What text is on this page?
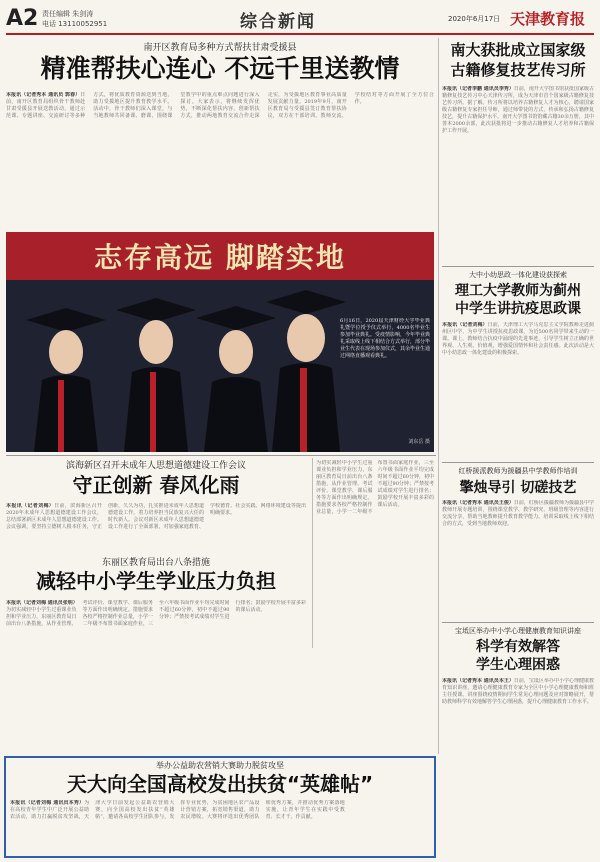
A2 责任编辑 朱剑涛
电话 13110052951	综合新闻	2020年6月17日 天津教育报
南开区教育局多种方式帮扶甘肃受援县
精准帮扶心连心 不远千里送教情
本报讯（记者秀本 通讯员 郭春）日前，南开区教育局组织骨干教师赴甘肃受援县开展送教活动，通过示范课、专题讲座、交流研讨等多种方式，将优质教育资源送到当地，助力受援地区提升教育教学水平。活动中，骨干教师们深入课堂，与当地教师共同备课、磨课，围绕课堂教学中的重点难点问题进行深入探讨。大家表示，将继续发挥优势，不断深化帮扶内容，创新帮扶方式，推动两地教育交流合作走深走实，为受援地区教育事业高质量发展贡献力量。2019年9月，南开区教育局与受援县签订教育帮扶协议，双方在干部培训、教师交流、学校结对等方面开展了全方位合作。
志存高远 脚踏实地
6月16日，2020届天津财经大学毕业典礼暨学位授予仪式举行，4000名毕业生参加毕业典礼。受疫情影响，今年毕业典礼采取线上线下相结合方式举行，部分毕业生代表在现场参加仪式，其余毕业生通过网络直播观看典礼。
刘东岳 摄
滨海新区召开未成年人思想道德建设工作会议
守正创新 春风化雨
本报讯（记者刘梅）日前，滨海新区召开2020年未成年人思想道德建设工作会议，总结部署新区未成年人思想道德建设工作。会议强调，要坚持立德树人根本任务，守正创新，久久为功，扎实推进未成年人思想道德建设工作，着力培养担当民族复兴大任的时代新人。会议对新区未成年人思想道德建设工作进行了全面部署，对加强家庭教育、学校德育、社会实践、网络环境建设等提出明确要求。
为切实减轻中小学生过重课业负担和学业压力，东丽区教育局日前出台八条措施，从作业管理、考试评价、课堂教学、课后服务等方面作出明确规定。措施要求各校严格控制作业总量，小学一二年级不布置书面家庭作业，三至六年级书面作业平均完成时间不超过60分钟，初中不超过90分钟；严禁按考试成绩对学生进行排名；鼓励学校开展丰富多彩的课后活动。
东丽区教育局出台八条措施
减轻中小学生学业压力负担
本报讯（记者刘梅 通讯员张明）为切实减轻中小学生过重课业负担和学业压力，东丽区教育局日前出台八条措施，从作业管理、考试评价、课堂教学、课后服务等方面作出明确规定。措施要求各校严格控制作业总量，小学一二年级不布置书面家庭作业，三至六年级书面作业平均完成时间不超过60分钟，初中不超过90分钟；严禁按考试成绩对学生进行排名；鼓励学校开展丰富多彩的课后活动。
南大获批成立国家级
古籍修复技艺传习所
本报讯（记者李鹏 通讯员李秀）日前，南开大学图书馆获批国家级古籍修复技艺传习中心天津传习所，成为天津市首个国家级古籍修复技艺传习所。据了解，传习所将以培养古籍修复人才为核心，聘请国家级古籍修复专家担任导师，通过师带徒的方式，传承和弘扬古籍修复技艺，提升古籍保护水平。南开大学图书馆馆藏古籍30余万册，其中善本2000余部，此次获批将进一步推动古籍修复人才培养和古籍保护工作开展。
大中小幼思政一体化建设获探索
理工大学教师为蓟州
中学生讲抗疫思政课
本报讯（记者刘梅）日前，天津理工大学马克思主义学院教师走进蓟州区中学，为中学生讲授抗疫思政课，为近500名同学带来生动的一课。课上，教师结合抗疫中涌现的先进事迹，引导学生树立正确的世界观、人生观、价值观，增强爱国情怀和社会责任感。此次活动是大中小幼思政一体化建设的积极探索。
红桥援派教师为援疆县中学教师作培训
擎烛导引 切磋技艺
本报讯（记者秀本 通讯员王俊）日前，红桥区援疆教师为援疆县中学教师开展专题培训，围绕课堂教学、教学研究、班级管理等内容进行交流分享，帮助当地教师提升教育教学能力。培训采取线上线下相结合的方式，受到当地教师欢迎。
宝坻区举办中小学心理健康教育知识讲座
科学有效解答
学生心理困惑
本报讯（记者秀本 通讯员本王）日前，宝坻区举办中小学心理健康教育知识讲座，邀请心理健康教育专家为全区中小学心理健康教师和班主任授课。讲座围绕疫情期间学生常见心理问题及应对策略展开，帮助教师科学有效地解答学生心理困惑，提升心理健康教育工作水平。
举办公益助农营销大赛助力脱贫攻坚
天大向全国高校发出扶贫“英雄帖”
本报讯（记者刘梅 通讯员本秀）为在高校青年学生中广泛开展公益助农活动，助力打赢脱贫攻坚战，天津大学日前发起公益助农营销大赛，向全国高校发出扶贫“英雄帖”，邀请各高校学生团队参与，发挥专业优势，为贫困地区农产品设计营销方案，拓宽销售渠道，助力农民增收。大赛将评选出优秀团队和优秀方案，并推动优秀方案落地实施，让青年学生在实践中受教育、长才干、作贡献。
